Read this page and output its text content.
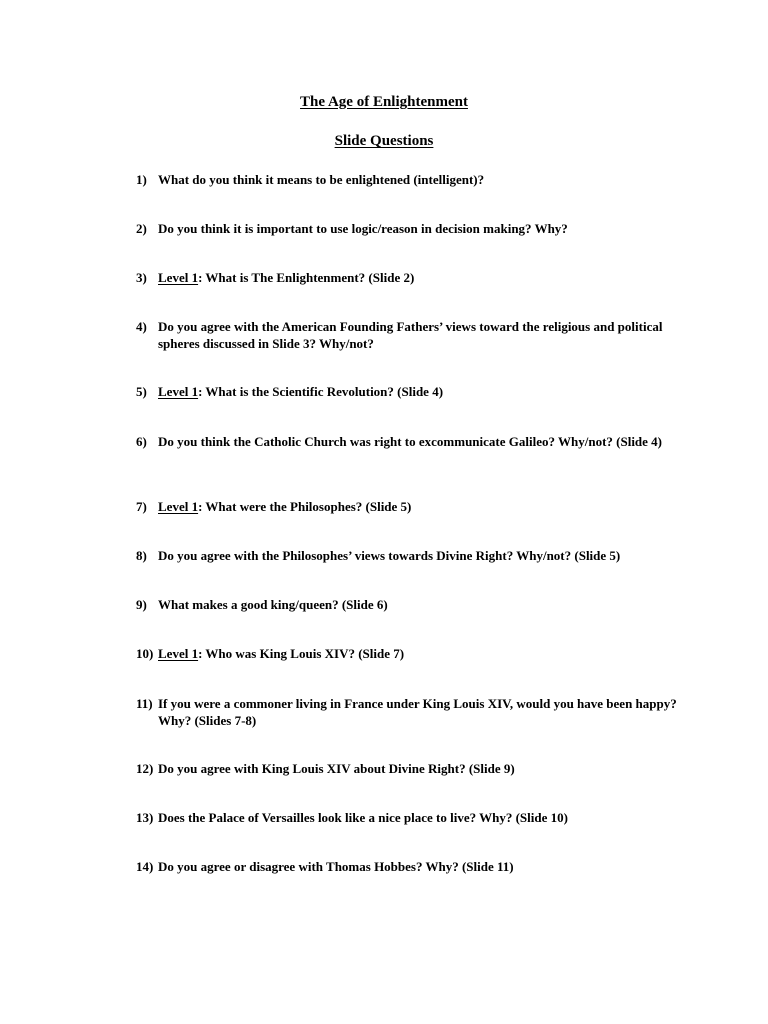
The Age of Enlightenment
Slide Questions
1) What do you think it means to be enlightened (intelligent)?
2) Do you think it is important to use logic/reason in decision making? Why?
3) Level 1: What is The Enlightenment? (Slide 2)
4) Do you agree with the American Founding Fathers’ views toward the religious and political spheres discussed in Slide 3? Why/not?
5) Level 1: What is the Scientific Revolution? (Slide 4)
6) Do you think the Catholic Church was right to excommunicate Galileo? Why/not? (Slide 4)
7) Level 1: What were the Philosophes? (Slide 5)
8) Do you agree with the Philosophes’ views towards Divine Right? Why/not? (Slide 5)
9) What makes a good king/queen? (Slide 6)
10) Level 1: Who was King Louis XIV? (Slide 7)
11) If you were a commoner living in France under King Louis XIV, would you have been happy? Why? (Slides 7-8)
12) Do you agree with King Louis XIV about Divine Right? (Slide 9)
13) Does the Palace of Versailles look like a nice place to live? Why? (Slide 10)
14) Do you agree or disagree with Thomas Hobbes? Why? (Slide 11)
